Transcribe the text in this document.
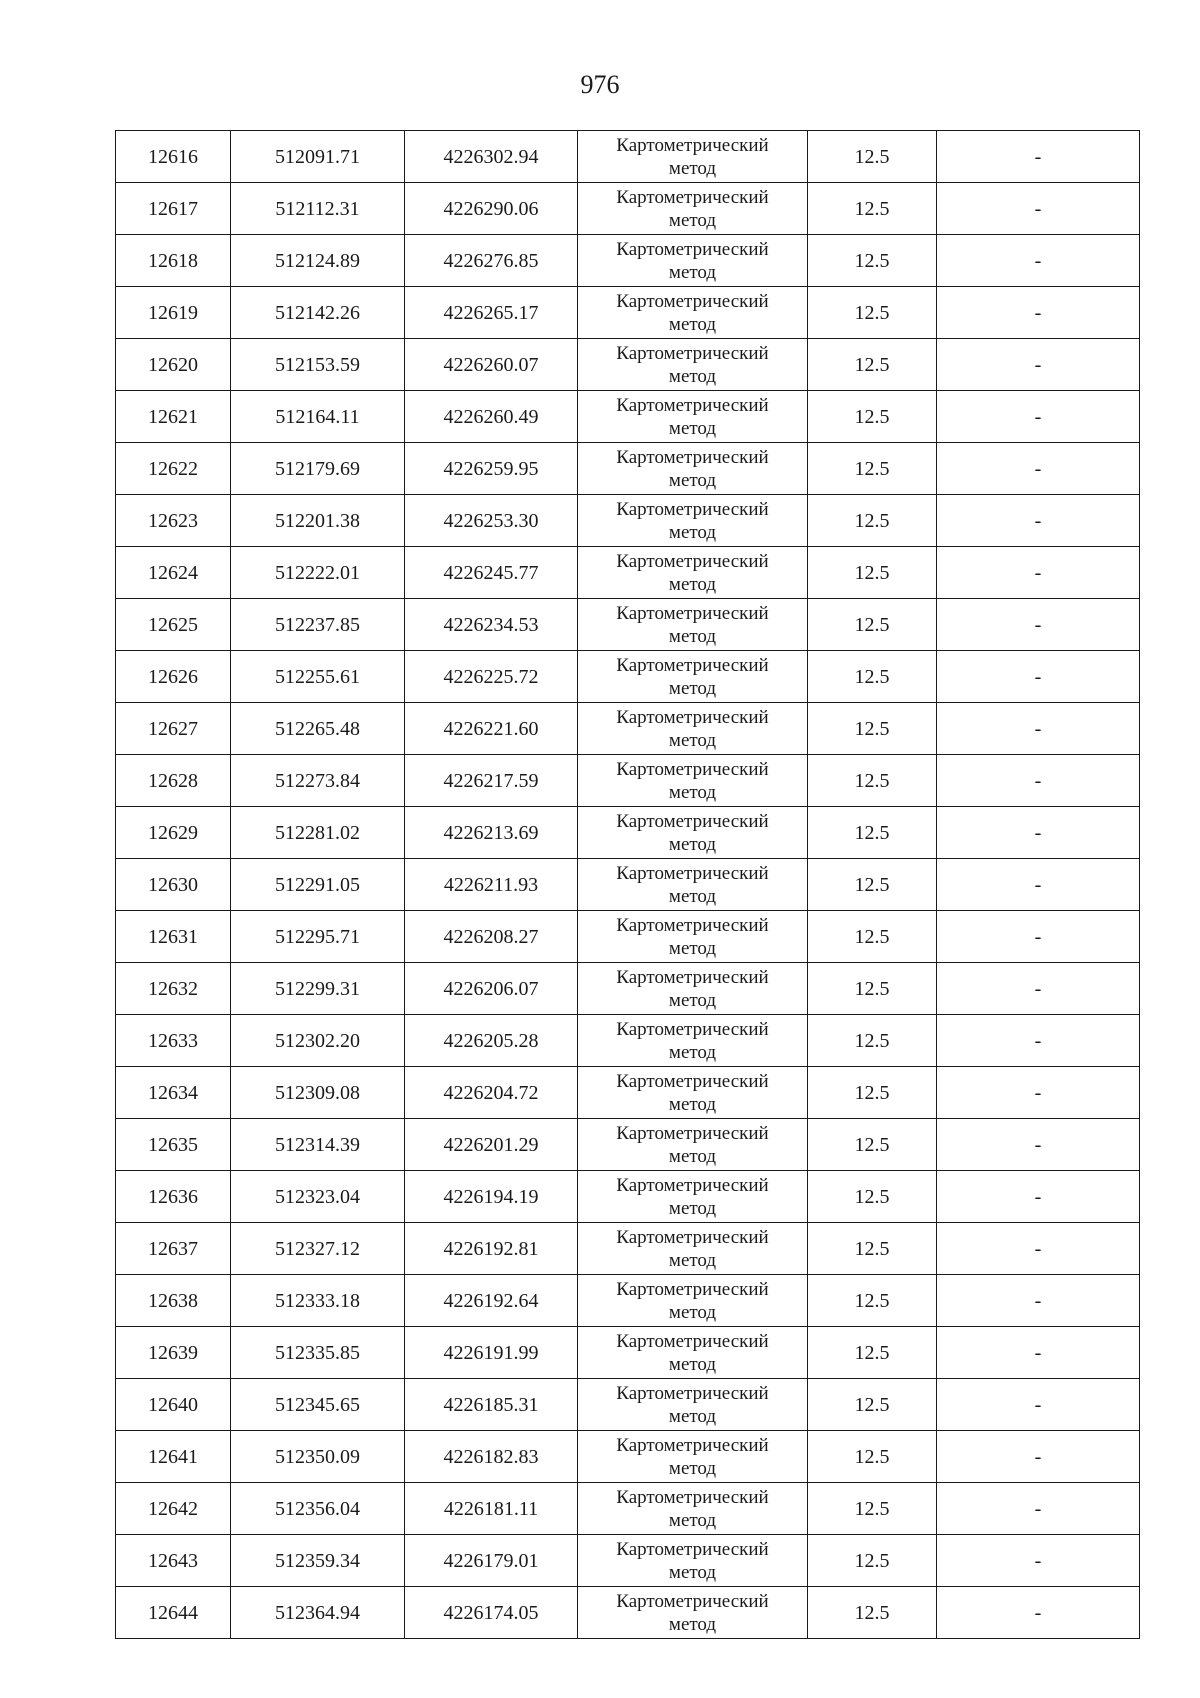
976
12616	512091.71	4226302.94	Картометрический
метод	12.5	-
12617	512112.31	4226290.06	Картометрический
метод	12.5	-
12618	512124.89	4226276.85	Картометрический
метод	12.5	-
12619	512142.26	4226265.17	Картометрический
метод	12.5	-
12620	512153.59	4226260.07	Картометрический
метод	12.5	-
12621	512164.11	4226260.49	Картометрический
метод	12.5	-
12622	512179.69	4226259.95	Картометрический
метод	12.5	-
12623	512201.38	4226253.30	Картометрический
метод	12.5	-
12624	512222.01	4226245.77	Картометрический
метод	12.5	-
12625	512237.85	4226234.53	Картометрический
метод	12.5	-
12626	512255.61	4226225.72	Картометрический
метод	12.5	-
12627	512265.48	4226221.60	Картометрический
метод	12.5	-
12628	512273.84	4226217.59	Картометрический
метод	12.5	-
12629	512281.02	4226213.69	Картометрический
метод	12.5	-
12630	512291.05	4226211.93	Картометрический
метод	12.5	-
12631	512295.71	4226208.27	Картометрический
метод	12.5	-
12632	512299.31	4226206.07	Картометрический
метод	12.5	-
12633	512302.20	4226205.28	Картометрический
метод	12.5	-
12634	512309.08	4226204.72	Картометрический
метод	12.5	-
12635	512314.39	4226201.29	Картометрический
метод	12.5	-
12636	512323.04	4226194.19	Картометрический
метод	12.5	-
12637	512327.12	4226192.81	Картометрический
метод	12.5	-
12638	512333.18	4226192.64	Картометрический
метод	12.5	-
12639	512335.85	4226191.99	Картометрический
метод	12.5	-
12640	512345.65	4226185.31	Картометрический
метод	12.5	-
12641	512350.09	4226182.83	Картометрический
метод	12.5	-
12642	512356.04	4226181.11	Картометрический
метод	12.5	-
12643	512359.34	4226179.01	Картометрический
метод	12.5	-
12644	512364.94	4226174.05	Картометрический
метод	12.5	-
